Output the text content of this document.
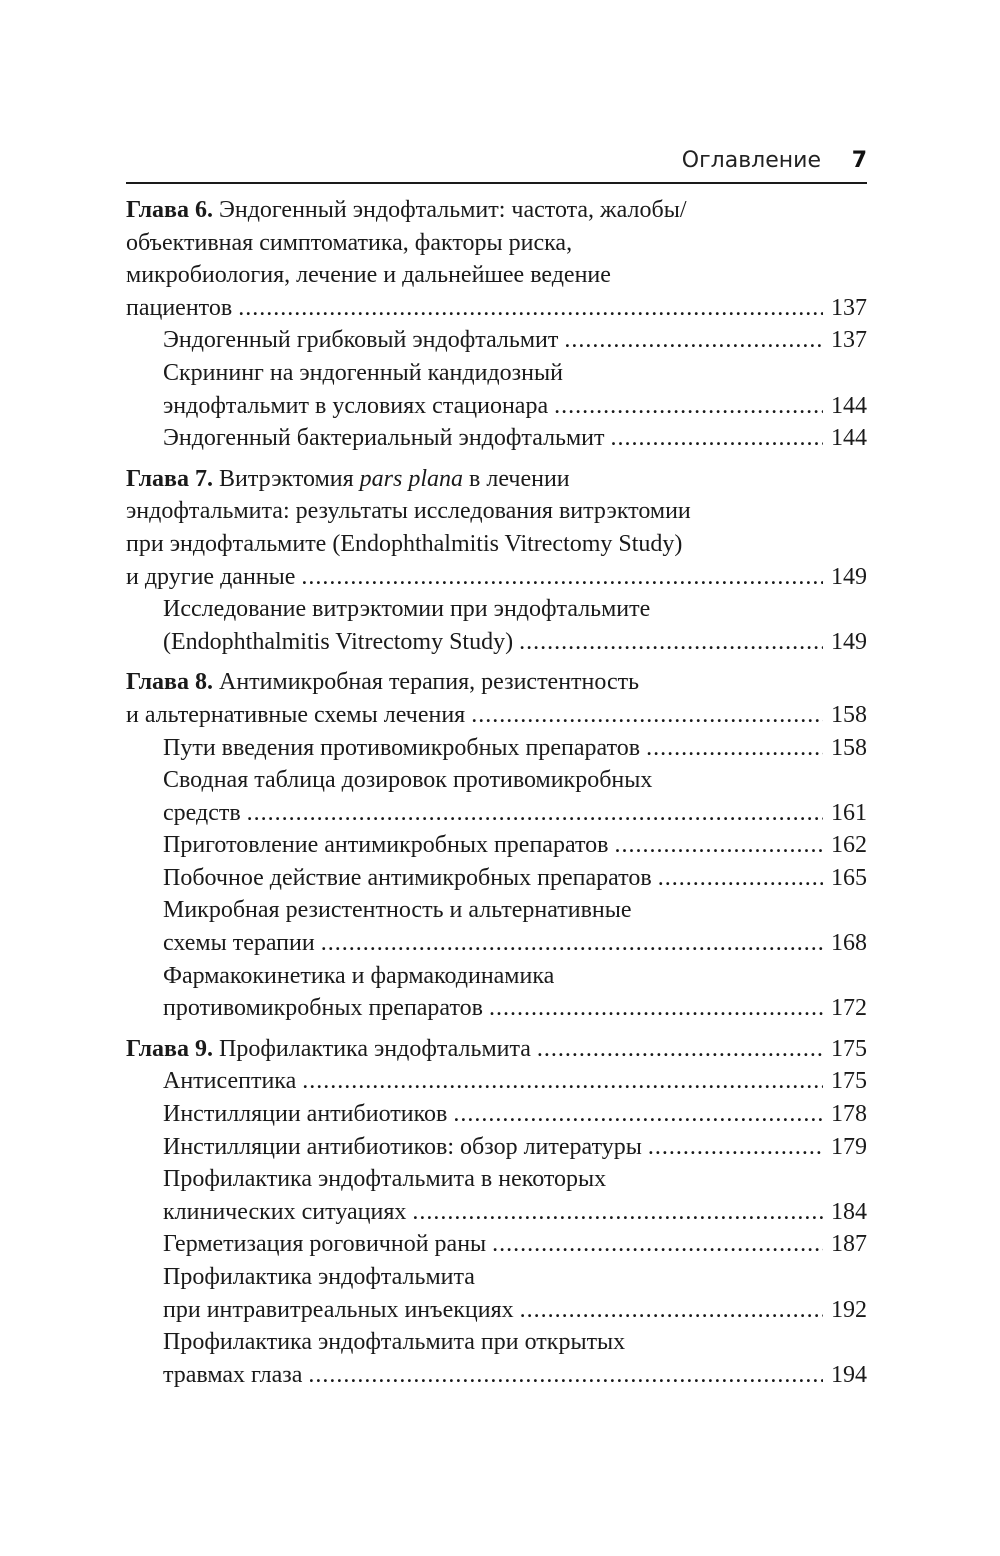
Оглавление 7
Глава 6. Эндогенный эндофтальмит: частота, жалобы/
объективная симптоматика, факторы риска,
микробиология, лечение и дальнейшее ведение
пациентов . . .	137
Эндогенный грибковый эндофтальмит . . .	137
Скрининг на эндогенный кандидозный
эндофтальмит в условиях стационара . . .	144
Эндогенный бактериальный эндофтальмит . . .	144
Глава 7. Витрэктомия pars plana в лечении
эндофтальмита: результаты исследования витрэктомии
при эндофтальмите (Endophthalmitis Vitrectomy Study)
и другие данные . . .	149
Исследование витрэктомии при эндофтальмите
(Endophthalmitis Vitrectomy Study) . . .	149
Глава 8. Антимикробная терапия, резистентность
и альтернативные схемы лечения . . .	158
Пути введения противомикробных препаратов . . .	158
Сводная таблица дозировок противомикробных
средств . . .	161
Приготовление антимикробных препаратов . . .	162
Побочное действие антимикробных препаратов . . .	165
Микробная резистентность и альтернативные
схемы терапии . . .	168
Фармакокинетика и фармакодинамика
противомикробных препаратов . . .	172
Глава 9. Профилактика эндофтальмита . . .	175
Антисептика . . .	175
Инстилляции антибиотиков . . .	178
Инстилляции антибиотиков: обзор литературы . . .	179
Профилактика эндофтальмита в некоторых
клинических ситуациях . . .	184
Герметизация роговичной раны . . .	187
Профилактика эндофтальмита
при интравитреальных инъекциях . . .	192
Профилактика эндофтальмита при открытых
травмах глаза . . .	194
